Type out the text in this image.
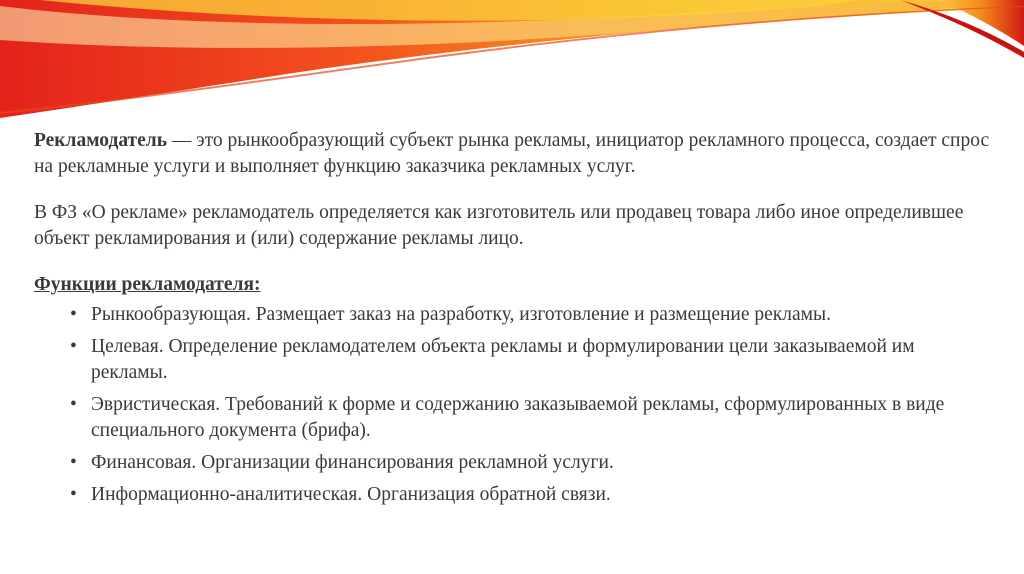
Рекламодатель — это рынкообразующий субъект рынка рекламы, инициатор рекламного процесса, создает спрос на рекламные услуги и выполняет функцию заказчика рекламных услуг.

В ФЗ «О рекламе» рекламодатель определяется как изготовитель или продавец товара либо иное определившее объект рекламирования и (или) содержание рекламы лицо.

Функции рекламодателя:

• Рынкообразующая. Размещает заказ на разработку, изготовление и размещение рекламы.
• Целевая. Определение рекламодателем объекта рекламы и формулировании цели заказываемой им рекламы.
• Эвристическая. Требований к форме и содержанию заказываемой рекламы, сформулированных в виде специального документа (брифа).
• Финансовая. Организации финансирования рекламной услуги.
• Информационно-аналитическая. Организация обратной связи.
